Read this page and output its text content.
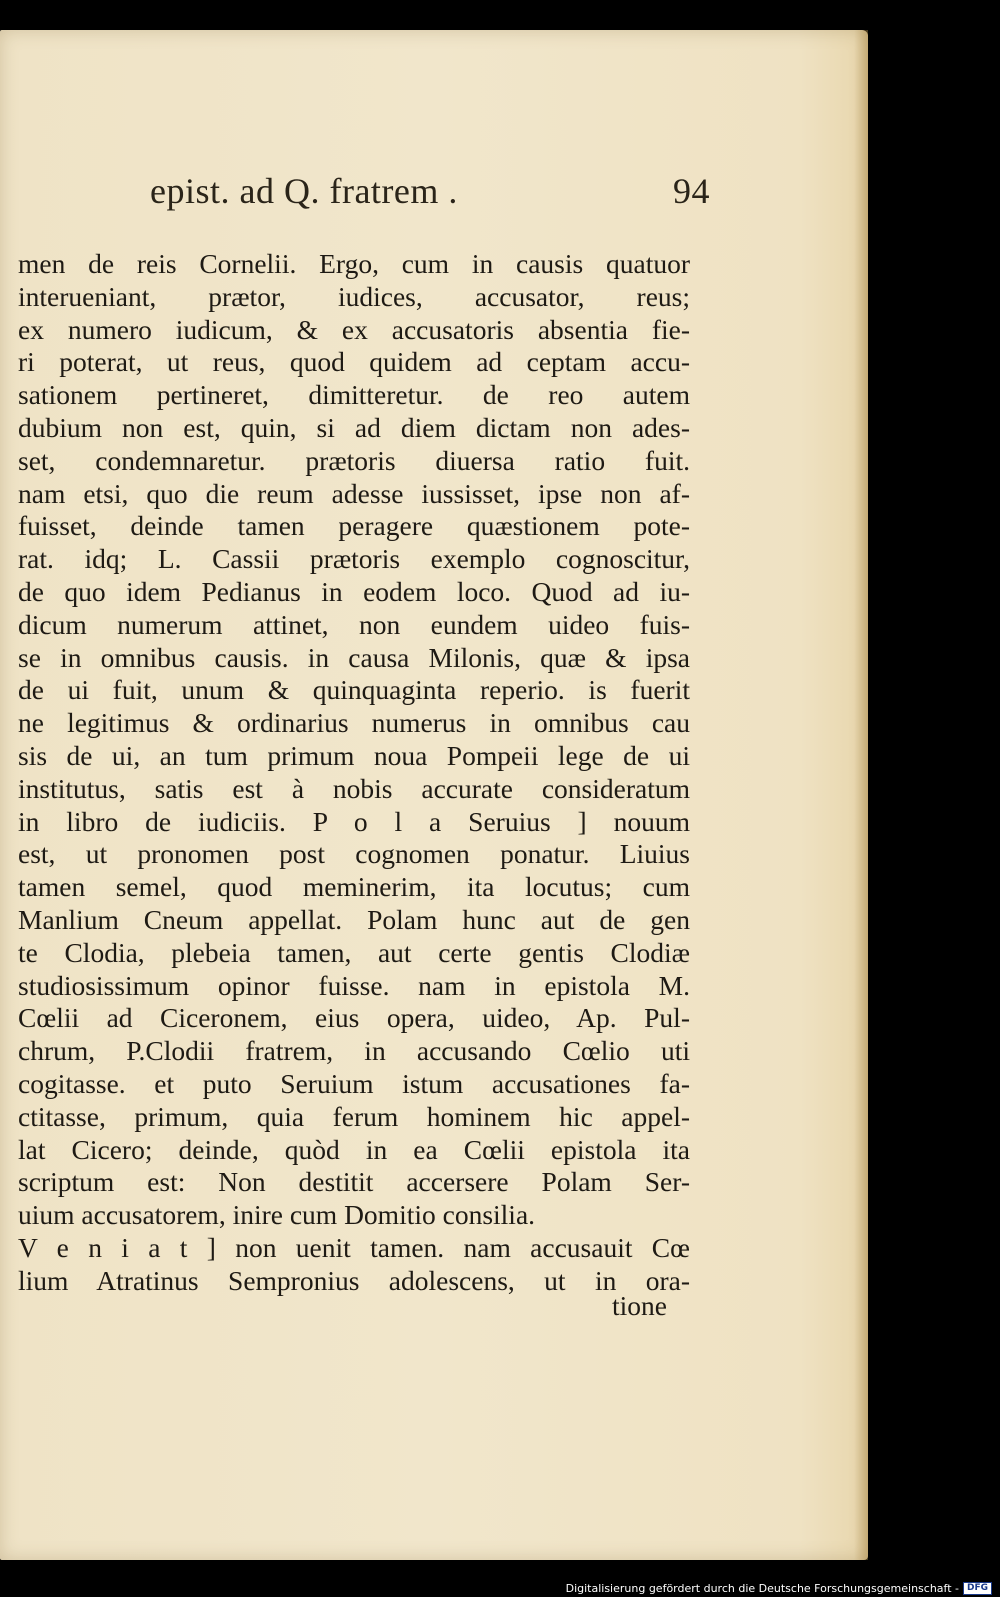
epist. ad Q. fratrem .	94
men de reis Cornelii. Ergo, cum in causis quatuor
interueniant, prætor, iudices, accusator, reus;
ex numero iudicum, & ex accusatoris absentia fie-
ri poterat, ut reus, quod quidem ad ceptam accu-
sationem pertineret, dimitteretur. de reo autem
dubium non est, quin, si ad diem dictam non ades-
set, condemnaretur. prætoris diuersa ratio fuit.
nam etsi, quo die reum adesse iussisset, ipse non af-
fuisset, deinde tamen peragere quæstionem pote-
rat. idq; L. Cassii prætoris exemplo cognoscitur,
de quo idem Pedianus in eodem loco. Quod ad iu-
dicum numerum attinet, non eundem uideo fuis-
se in omnibus causis. in causa Milonis, quæ & ipsa
de ui fuit, unum & quinquaginta reperio. is fuerit
ne legitimus & ordinarius numerus in omnibus cau
sis de ui, an tum primum noua Pompeii lege de ui
institutus, satis est à nobis accurate consideratum
in libro de iudiciis. P o l a Seruius ] nouum
est, ut pronomen post cognomen ponatur. Liuius
tamen semel, quod meminerim, ita locutus; cum
Manlium Cneum appellat. Polam hunc aut de gen
te Clodia, plebeia tamen, aut certe gentis Clodiæ
studiosissimum opinor fuisse. nam in epistola M.
Cœlii ad Ciceronem, eius opera, uideo, Ap. Pul-
chrum, P.Clodii fratrem, in accusando Cœlio uti
cogitasse. et puto Seruium istum accusationes fa-
ctitasse, primum, quia ferum hominem hic appel-
lat Cicero; deinde, quòd in ea Cœlii epistola ita
scriptum est: Non destitit accersere Polam Ser-
uium accusatorem, inire cum Domitio consilia.
V e n i a t ] non uenit tamen. nam accusauit Cœ
lium Atratinus Sempronius adolescens, ut in ora-
tione
Digitalisierung gefördert durch die Deutsche Forschungsgemeinschaft - DFG
